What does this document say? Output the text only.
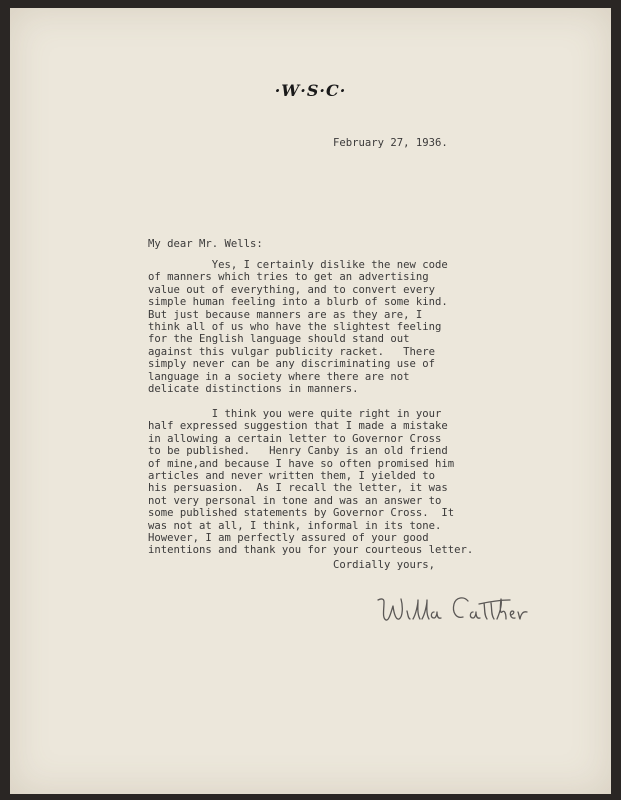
·W·S·C·
February 27, 1936.
My dear Mr. Wells:
Yes, I certainly dislike the new code
of manners which tries to get an advertising
value out of everything, and to convert every
simple human feeling into a blurb of some kind.
But just because manners are as they are, I
think all of us who have the slightest feeling
for the English language should stand out
against this vulgar publicity racket.   There
simply never can be any discriminating use of
language in a society where there are not
delicate distinctions in manners.
I think you were quite right in your
half expressed suggestion that I made a mistake
in allowing a certain letter to Governor Cross
to be published.   Henry Canby is an old friend
of mine,and because I have so often promised him
articles and never written them, I yielded to
his persuasion.  As I recall the letter, it was
not very personal in tone and was an answer to
some published statements by Governor Cross.  It
was not at all, I think, informal in its tone.
However, I am perfectly assured of your good
intentions and thank you for your courteous letter.
Cordially yours,
